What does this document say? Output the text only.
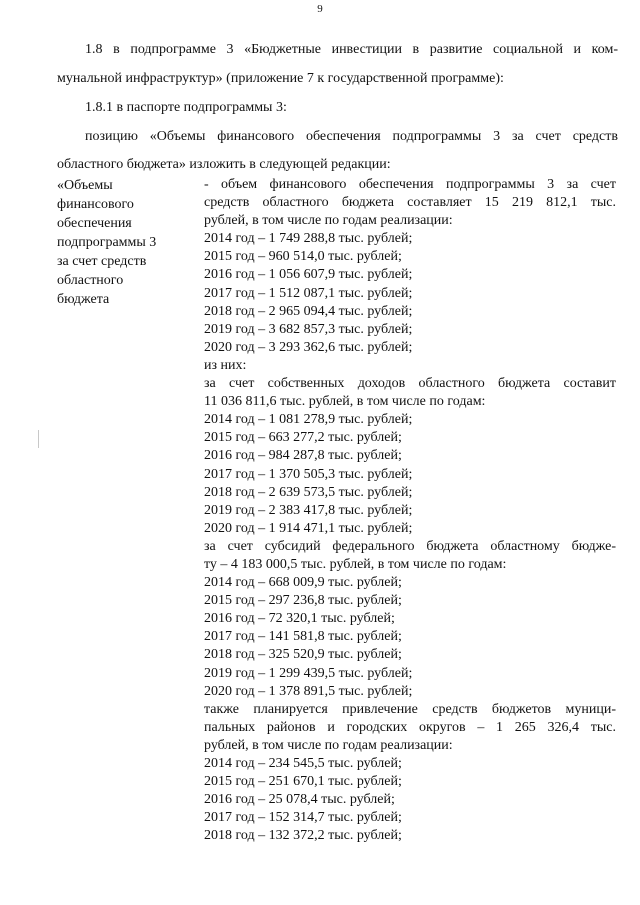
9
1.8 в подпрограмме 3 «Бюджетные инвестиции в развитие социальной и ком-
мунальной инфраструктур» (приложение 7 к государственной программе):
1.8.1 в паспорте подпрограммы 3:
позицию «Объемы финансового обеспечения подпрограммы 3 за счет средств
областного бюджета» изложить в следующей редакции:
«Объемы
финансового
обеспечения
подпрограммы 3
за счет средств
областного
бюджета
- объем финансового обеспечения подпрограммы 3 за счет
средств областного бюджета составляет 15 219 812,1 тыс.
рублей, в том числе по годам реализации:
2014 год – 1 749 288,8 тыс. рублей;
2015 год – 960 514,0 тыс. рублей;
2016 год – 1 056 607,9 тыс. рублей;
2017 год – 1 512 087,1 тыс. рублей;
2018 год – 2 965 094,4 тыс. рублей;
2019 год – 3 682 857,3 тыс. рублей;
2020 год – 3 293 362,6 тыс. рублей;
из них:
за счет собственных доходов областного бюджета составит
11 036 811,6 тыс. рублей, в том числе по годам:
2014 год – 1 081 278,9 тыс. рублей;
2015 год – 663 277,2 тыс. рублей;
2016 год – 984 287,8 тыс. рублей;
2017 год – 1 370 505,3 тыс. рублей;
2018 год – 2 639 573,5 тыс. рублей;
2019 год – 2 383 417,8 тыс. рублей;
2020 год – 1 914 471,1 тыс. рублей;
за счет субсидий федерального бюджета областному бюдже-
ту – 4 183 000,5 тыс. рублей, в том числе по годам:
2014 год – 668 009,9 тыс. рублей;
2015 год – 297 236,8 тыс. рублей;
2016 год – 72 320,1 тыс. рублей;
2017 год – 141 581,8 тыс. рублей;
2018 год – 325 520,9 тыс. рублей;
2019 год – 1 299 439,5 тыс. рублей;
2020 год – 1 378 891,5 тыс. рублей;
также планируется привлечение средств бюджетов муници-
пальных районов и городских округов – 1 265 326,4 тыс.
рублей, в том числе по годам реализации:
2014 год – 234 545,5 тыс. рублей;
2015 год – 251 670,1 тыс. рублей;
2016 год – 25 078,4 тыс. рублей;
2017 год – 152 314,7 тыс. рублей;
2018 год – 132 372,2 тыс. рублей;
